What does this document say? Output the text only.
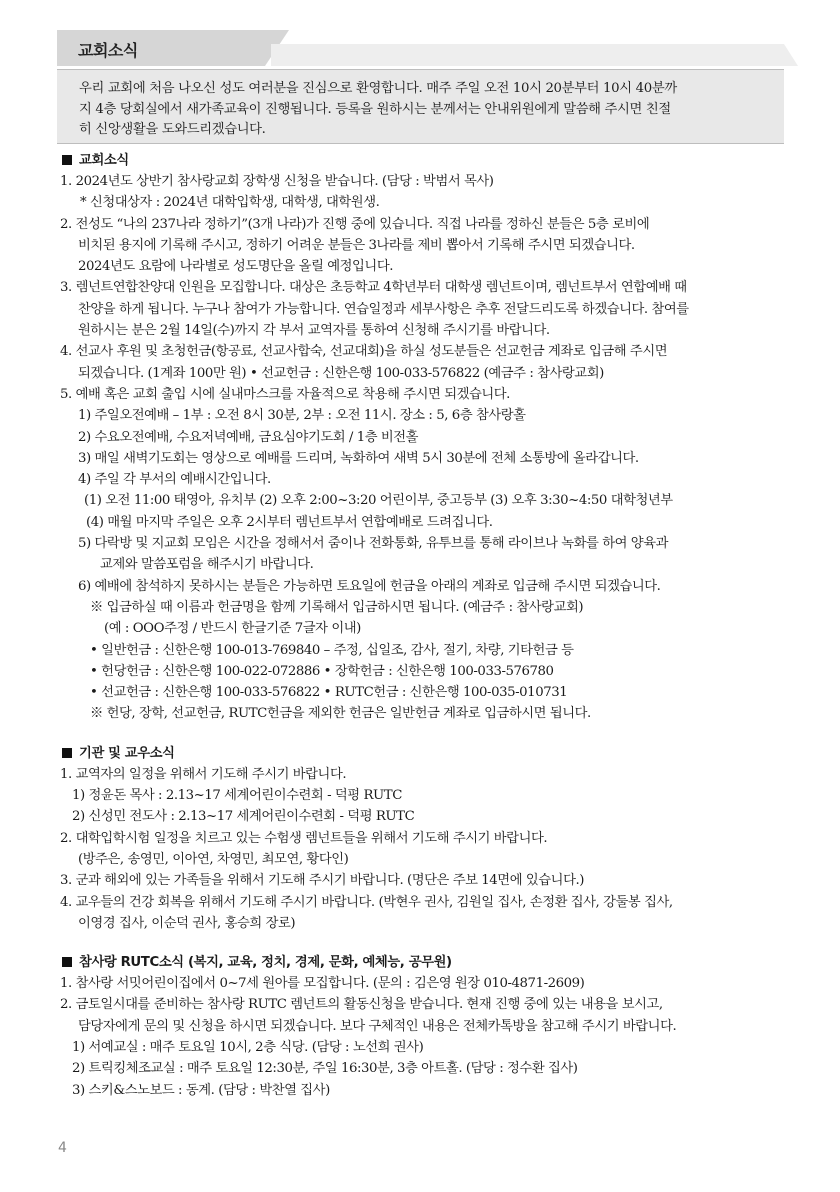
교회소식
우리 교회에 처음 나오신 성도 여러분을 진심으로 환영합니다. 매주 주일 오전 10시 20분부터 10시 40분까
지 4층 당회실에서 새가족교육이 진행됩니다. 등록을 원하시는 분께서는 안내위원에게 말씀해 주시면 친절
히 신앙생활을 도와드리겠습니다.
교회소식
1. 2024년도 상반기 참사랑교회 장학생 신청을 받습니다. (담당 : 박범서 목사)
* 신청대상자 : 2024년 대학입학생, 대학생, 대학원생.
2. 전성도 “나의 237나라 정하기”(3개 나라)가 진행 중에 있습니다. 직접 나라를 정하신 분들은 5층 로비에
비치된 용지에 기록해 주시고, 정하기 어려운 분들은 3나라를 제비 뽑아서 기록해 주시면 되겠습니다.
2024년도 요람에 나라별로 성도명단을 올릴 예정입니다.
3. 렘넌트연합찬양대 인원을 모집합니다. 대상은 초등학교 4학년부터 대학생 렘넌트이며, 렘넌트부서 연합예배 때
찬양을 하게 됩니다. 누구나 참여가 가능합니다. 연습일정과 세부사항은 추후 전달드리도록 하겠습니다. 참여를
원하시는 분은 2월 14일(수)까지 각 부서 교역자를 통하여 신청해 주시기를 바랍니다.
4. 선교사 후원 및 초청헌금(항공료, 선교사합숙, 선교대회)을 하실 성도분들은 선교헌금 계좌로 입금해 주시면
되겠습니다. (1계좌 100만 원) • 선교헌금 : 신한은행 100-033-576822 (예금주 : 참사랑교회)
5. 예배 혹은 교회 출입 시에 실내마스크를 자율적으로 착용해 주시면 되겠습니다.
1) 주일오전예배 – 1부 : 오전 8시 30분, 2부 : 오전 11시. 장소 : 5, 6층 참사랑홀
2) 수요오전예배, 수요저녁예배, 금요심야기도회 / 1층 비전홀
3) 매일 새벽기도회는 영상으로 예배를 드리며, 녹화하여 새벽 5시 30분에 전체 소통방에 올라갑니다.
4) 주일 각 부서의 예배시간입니다.
(1) 오전 11:00 태영아, 유치부 (2) 오후 2:00~3:20 어린이부, 중고등부 (3) 오후 3:30~4:50 대학청년부
(4) 매월 마지막 주일은 오후 2시부터 렘넌트부서 연합예배로 드려집니다.
5) 다락방 및 지교회 모임은 시간을 정해서서 줌이나 전화통화, 유투브를 통해 라이브나 녹화를 하여 양육과
교제와 말씀포럼을 해주시기 바랍니다.
6) 예배에 참석하지 못하시는 분들은 가능하면 토요일에 헌금을 아래의 계좌로 입금해 주시면 되겠습니다.
※ 입금하실 때 이름과 헌금명을 함께 기록해서 입금하시면 됩니다. (예금주 : 참사랑교회)
(예 : OOO주정 / 반드시 한글기준 7글자 이내)
• 일반헌금 : 신한은행 100-013-769840 – 주정, 십일조, 감사, 절기, 차량, 기타헌금 등
• 헌당헌금 : 신한은행 100-022-072886 • 장학헌금 : 신한은행 100-033-576780
• 선교헌금 : 신한은행 100-033-576822 • RUTC헌금 : 신한은행 100-035-010731
※ 헌당, 장학, 선교헌금, RUTC헌금을 제외한 헌금은 일반헌금 계좌로 입금하시면 됩니다.
기관 및 교우소식
1. 교역자의 일정을 위해서 기도해 주시기 바랍니다.
1) 정윤돈 목사 : 2.13~17 세계어린이수련회 - 덕평 RUTC
2) 신성민 전도사 : 2.13~17 세계어린이수련회 - 덕평 RUTC
2. 대학입학시험 일정을 치르고 있는 수험생 렘넌트들을 위해서 기도해 주시기 바랍니다.
(방주은, 송영민, 이아연, 차영민, 최모연, 황다인)
3. 군과 해외에 있는 가족들을 위해서 기도해 주시기 바랍니다. (명단은 주보 14면에 있습니다.)
4. 교우들의 건강 회복을 위해서 기도해 주시기 바랍니다. (박현우 권사, 김원일 집사, 손정환 집사, 강둘봉 집사,
이영경 집사, 이순덕 권사, 홍승희 장로)
참사랑 RUTC소식 (복지, 교육, 정치, 경제, 문화, 예체능, 공무원)
1. 참사랑 서밋어린이집에서 0~7세 원아를 모집합니다. (문의 : 김은영 원장 010-4871-2609)
2. 금토일시대를 준비하는 참사랑 RUTC 렘넌트의 활동신청을 받습니다. 현재 진행 중에 있는 내용을 보시고,
담당자에게 문의 및 신청을 하시면 되겠습니다. 보다 구체적인 내용은 전체카톡방을 참고해 주시기 바랍니다.
1) 서예교실 : 매주 토요일 10시, 2층 식당. (담당 : 노선희 권사)
2) 트릭킹체조교실 : 매주 토요일 12:30분, 주일 16:30분, 3층 아트홀. (담당 : 정수환 집사)
3) 스키&스노보드 : 동계. (담당 : 박찬열 집사)
4
